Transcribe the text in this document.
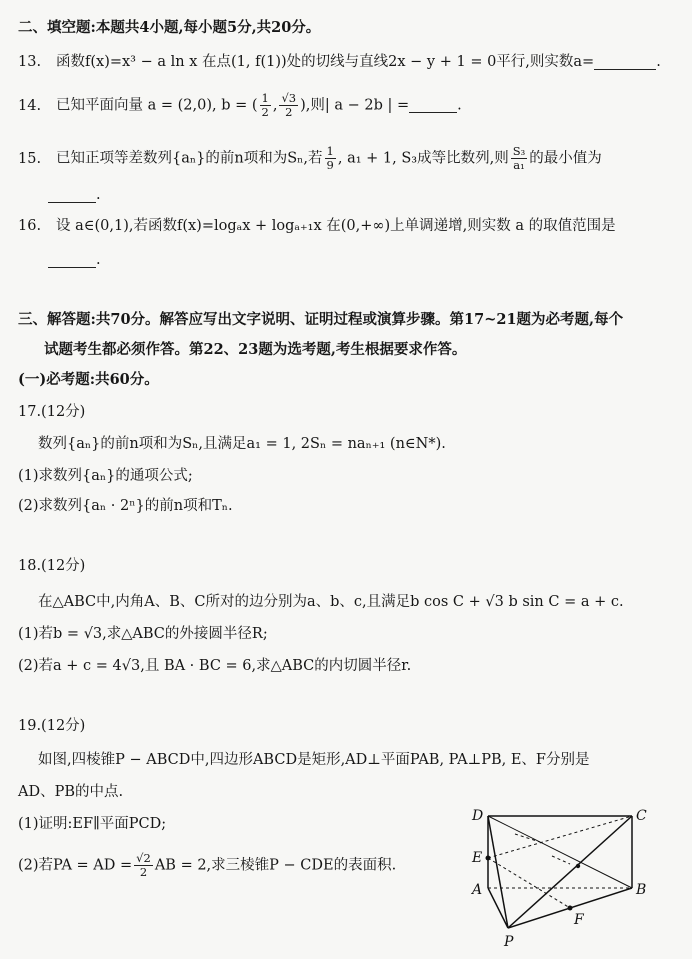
二、填空题:本题共4小题,每小题5分,共20分。
13. 函数f(x)=x³ − a ln x 在点(1, f(1))处的切线与直线2x − y + 1 = 0平行,则实数a=	.
14. 已知平面向量 a = (2,0), b = ( $\frac{1}{2}$ , $\frac{√3}{2}$ ),则| a − 2b | =	.
15. 已知正项等差数列{aₙ}的前n项和为Sₙ,若 $\frac{1}{9}$ , a₁ + 1, S₃成等比数列,则 $\frac{\text{S₃}}{\text{a₁}}$ 的最小值为
.
16. 设 a∈(0,1),若函数f(x)=logₐx + logₐ₊₁x 在(0,+∞)上单调递增,则实数 a 的取值范围是
.
三、解答题:共70分。解答应写出文字说明、证明过程或演算步骤。第17~21题为必考题,每个
试题考生都必须作答。第22、23题为选考题,考生根据要求作答。
(一)必考题:共60分。
17.(12分)
数列{aₙ}的前n项和为Sₙ,且满足a₁ = 1, 2Sₙ = naₙ₊₁ (n∈N*).
(1)求数列{aₙ}的通项公式;
(2)求数列{aₙ · 2ⁿ}的前n项和Tₙ.
18.(12分)
在△ABC中,内角A、B、C所对的边分别为a、b、c,且满足b cos C + √3 b sin C = a + c.
(1)若b = √3,求△ABC的外接圆半径R;
(2)若a + c = 4√3,且 BA · BC = 6,求△ABC的内切圆半径r.
19.(12分)
如图,四棱锥P − ABCD中,四边形ABCD是矩形,AD⊥平面PAB, PA⊥PB, E、F分别是
AD、PB的中点.
(1)证明:EF∥平面PCD;
(2)若PA = AD = $\frac{√2}{2}$ AB = 2,求三棱锥P − CDE的表面积.
D	C
E
A	B
F
P
